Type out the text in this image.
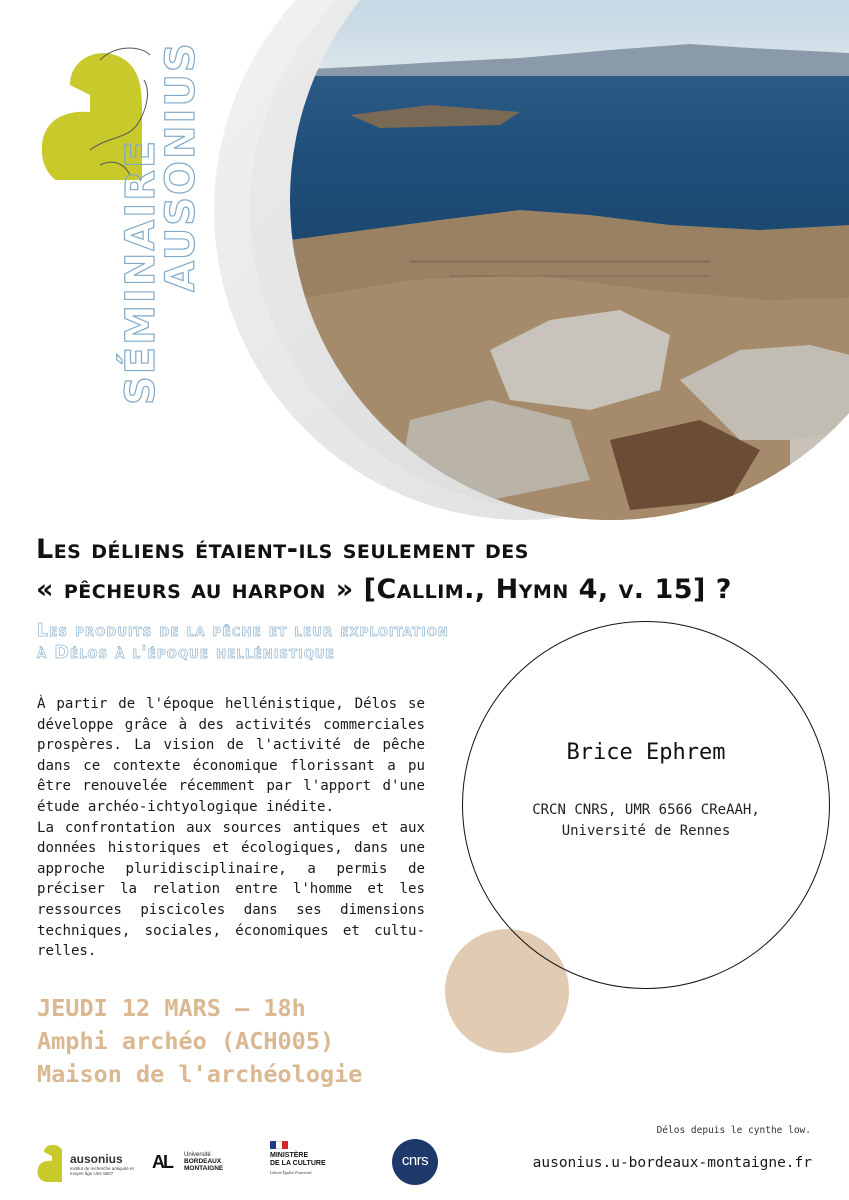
SÉMINAIRE
AUSONIUS
Les déliens étaient-ils seulement des
« pêcheurs au harpon » [Callim., Hymn 4, v. 15] ?
Les produits de la pêche et leur exploitation
à Délos à l'époque hellénistique

À partir de l'époque hellénistique, Délos se développe grâce à des activités commerciales prospères. La vision de l'activité de pêche dans ce contexte économique florissant a pu être renouvelée récemment par l'apport d'une étude archéo-ichtyologique inédite.

La confrontation aux sources antiques et aux données historiques et écologiques, dans une approche pluridisciplinaire, a permis de préciser la relation entre l'homme et les ressources piscicoles dans ses dimensions techniques, sociales, économiques et cultu-relles.

Brice Ephrem
CRCN CNRS, UMR 6566 CReAAH,
Université de Rennes
JEUDI 12 MARS — 18h
Amphi archéo (ACH005)
Maison de l'archéologie
Délos depuis le cynthe low.
ausonius.u-bordeaux-montaigne.fr
ausonius
institut de recherche antiquité et moyen âge Umr 5607
AL Université
BORDEAUX
MONTAIGNE
MINISTÈRE
DE LA CULTURE
Liberté Égalité Fraternité
cnrs
